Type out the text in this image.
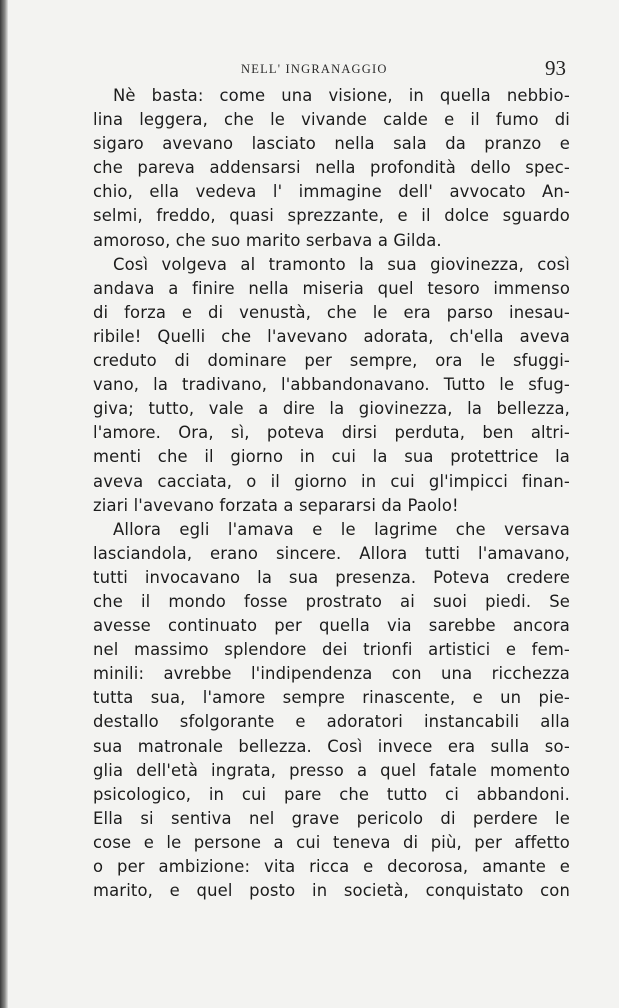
NELL' INGRANAGGIO	93
Nè basta: come una visione, in quella nebbio-
lina leggera, che le vivande calde e il fumo di
sigaro avevano lasciato nella sala da pranzo e
che pareva addensarsi nella profondità dello spec-
chio, ella vedeva l' immagine dell' avvocato An-
selmi, freddo, quasi sprezzante, e il dolce sguardo
amoroso, che suo marito serbava a Gilda.
Così volgeva al tramonto la sua giovinezza, così
andava a finire nella miseria quel tesoro immenso
di forza e di venustà, che le era parso inesau-
ribile! Quelli che l'avevano adorata, ch'ella aveva
creduto di dominare per sempre, ora le sfuggi-
vano, la tradivano, l'abbandonavano. Tutto le sfug-
giva; tutto, vale a dire la giovinezza, la bellezza,
l'amore. Ora, sì, poteva dirsi perduta, ben altri-
menti che il giorno in cui la sua protettrice la
aveva cacciata, o il giorno in cui gl'impicci finan-
ziari l'avevano forzata a separarsi da Paolo!
Allora egli l'amava e le lagrime che versava
lasciandola, erano sincere. Allora tutti l'amavano,
tutti invocavano la sua presenza. Poteva credere
che il mondo fosse prostrato ai suoi piedi. Se
avesse continuato per quella via sarebbe ancora
nel massimo splendore dei trionfi artistici e fem-
minili: avrebbe l'indipendenza con una ricchezza
tutta sua, l'amore sempre rinascente, e un pie-
destallo sfolgorante e adoratori instancabili alla
sua matronale bellezza. Così invece era sulla so-
glia dell'età ingrata, presso a quel fatale momento
psicologico, in cui pare che tutto ci abbandoni.
Ella si sentiva nel grave pericolo di perdere le
cose e le persone a cui teneva di più, per affetto
o per ambizione: vita ricca e decorosa, amante e
marito, e quel posto in società, conquistato con
